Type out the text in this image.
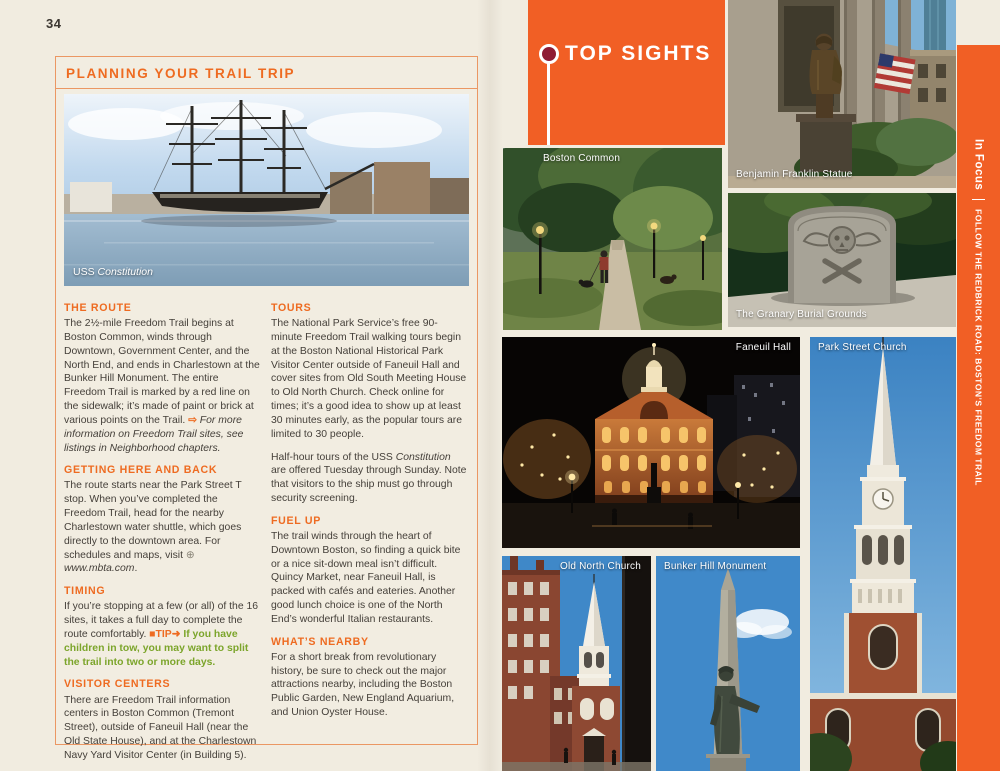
34
PLANNING YOUR TRAIL TRIP
USS Constitution
THE ROUTE

The 2½-mile Freedom Trail begins at Boston Common, winds through Downtown, Government Center, and the North End, and ends in Charlestown at the Bunker Hill Monument. The entire Freedom Trail is marked by a red line on the sidewalk; it’s made of paint or brick at various points on the Trail. ⇨ For more information on Freedom Trail sites, see listings in Neighborhood chapters.

GETTING HERE AND BACK

The route starts near the Park Street T stop. When you’ve completed the Freedom Trail, head for the nearby Charlestown water shuttle, which goes directly to the downtown area. For schedules and maps, visit ⊕ www.mbta.com.

TIMING

If you’re stopping at a few (or all) of the 16 sites, it takes a full day to complete the route comfortably. ■TIP➜ If you have children in tow, you may want to split the trail into two or more days.

VISITOR CENTERS

There are Freedom Trail information centers in Boston Common (Tremont Street), outside of Faneuil Hall (near the Old State House), and at the Charlestown Navy Yard Visitor Center (in Building 5).

TOURS

The National Park Service’s free 90-minute Freedom Trail walking tours begin at the Boston National Historical Park Visitor Center outside of Faneuil Hall and cover sites from Old South Meeting House to Old North Church. Check online for times; it’s a good idea to show up at least 30 minutes early, as the popular tours are limited to 30 people.

Half-hour tours of the USS Constitution are offered Tuesday through Sunday. Note that visitors to the ship must go through security screening.

FUEL UP

The trail winds through the heart of Downtown Boston, so finding a quick bite or a nice sit-down meal isn’t difficult. Quincy Market, near Faneuil Hall, is packed with cafés and eateries. Another good lunch choice is one of the North End’s wonderful Italian restaurants.

WHAT’S NEARBY

For a short break from revolutionary history, be sure to check out the major attractions nearby, including the Boston Public Garden, New England Aquarium, and Union Oyster House.

TOP SIGHTS
Boston Common
Benjamin Franklin Statue
The Granary Burial Grounds
Faneuil Hall	Park Street Church
Old North Church Bunker Hill Monument
In Focus
FOLLOW THE REDBRICK ROAD: BOSTON’S FREEDOM TRAIL
